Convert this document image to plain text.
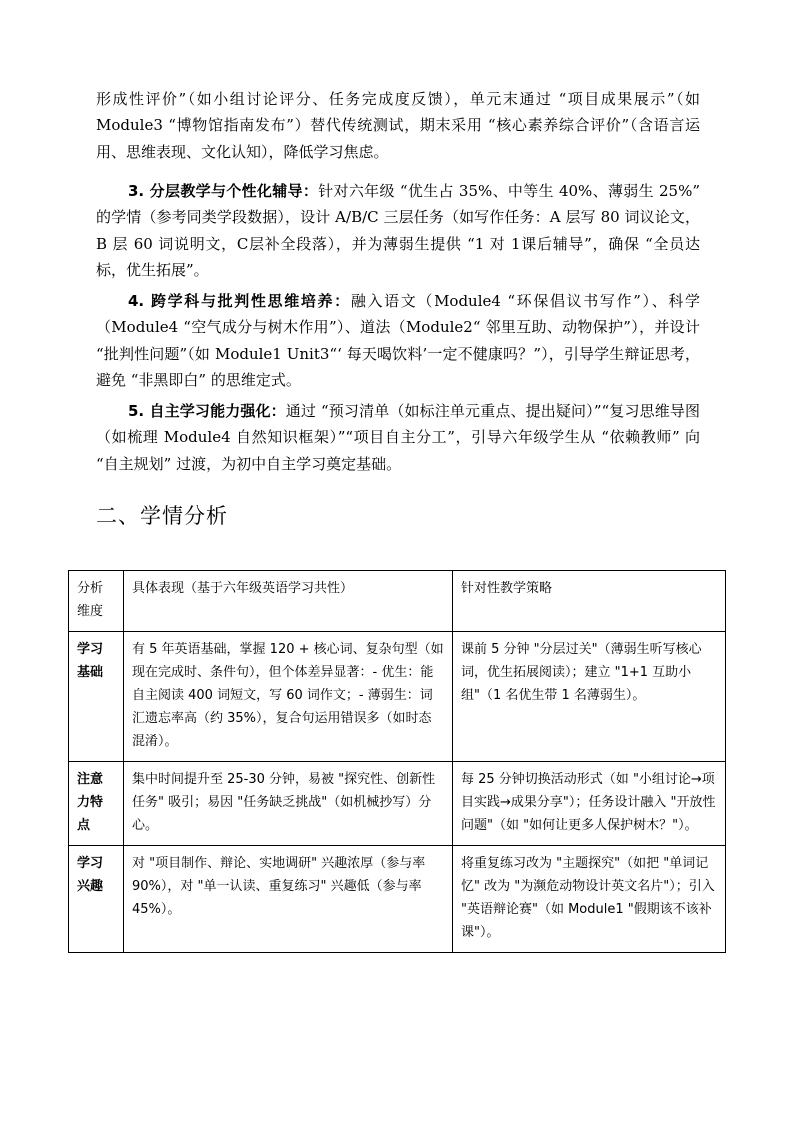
形成性评价”（如小组讨论评分、任务完成度反馈），单元末通过 “项目成果展示”（如 Module3 “博物馆指南发布”）替代传统测试，期末采用 “核心素养综合评价”（含语言运用、思维表现、文化认知），降低学习焦虑。

3. 分层教学与个性化辅导：针对六年级 “优生占 35%、中等生 40%、薄弱生 25%” 的学情（参考同类学段数据），设计 A/B/C 三层任务（如写作任务：A 层写 80 词议论文，B 层 60 词说明文，C层补全段落），并为薄弱生提供 “1 对 1课后辅导”，确保 “全员达标，优生拓展”。

4. 跨学科与批判性思维培养：融入语文（Module4 “环保倡议书写作”）、科学（Module4 “空气成分与树木作用”）、道法（Module2“ 邻里互助、动物保护”），并设计 “批判性问题”（如 Module1 Unit3“‘ 每天喝饮料’一定不健康吗？”），引导学生辩证思考，避免 “非黑即白” 的思维定式。

5. 自主学习能力强化：通过 “预习清单（如标注单元重点、提出疑问）”“复习思维导图（如梳理 Module4 自然知识框架）”“项目自主分工”，引导六年级学生从 “依赖教师” 向 “自主规划” 过渡，为初中自主学习奠定基础。

二、学情分析
分析维度	具体表现（基于六年级英语学习共性）	针对性教学策略
学习基础	有 5 年英语基础，掌握 120 + 核心词、复杂句型（如现在完成时、条件句），但个体差异显著：- 优生：能自主阅读 400 词短文，写 60 词作文；- 薄弱生：词汇遗忘率高（约 35%），复合句运用错误多（如时态混淆）。	课前 5 分钟 "分层过关"（薄弱生听写核心词，优生拓展阅读）；建立 "1+1 互助小组"（1 名优生带 1 名薄弱生）。
注意力特点	集中时间提升至 25-30 分钟，易被 "探究性、创新性任务" 吸引；易因 "任务缺乏挑战"（如机械抄写）分心。	每 25 分钟切换活动形式（如 "小组讨论→项目实践→成果分享"）；任务设计融入 "开放性问题"（如 "如何让更多人保护树木？"）。
学习兴趣	对 "项目制作、辩论、实地调研" 兴趣浓厚（参与率 90%），对 "单一认读、重复练习" 兴趣低（参与率 45%）。	将重复练习改为 "主题探究"（如把 "单词记忆" 改为 "为濒危动物设计英文名片"）；引入 "英语辩论赛"（如 Module1 "假期该不该补课"）。
